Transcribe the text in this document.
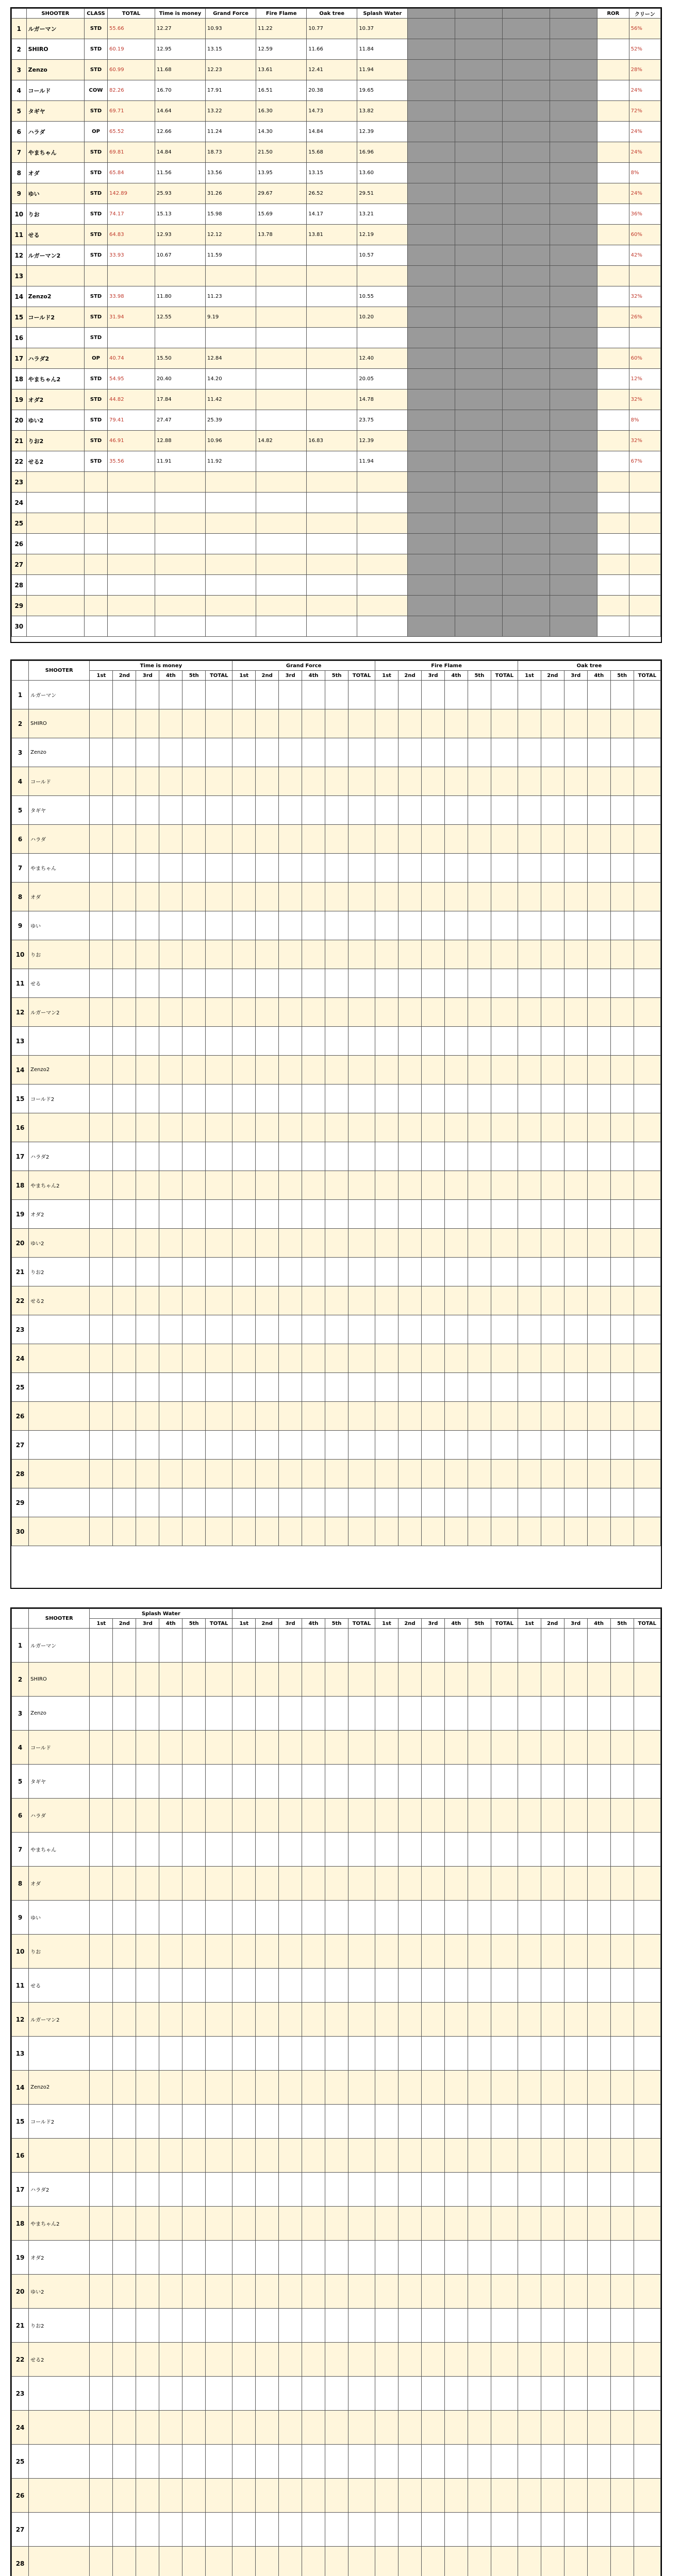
	SHOOTER	CLASS	TOTAL	Time is money	Grand Force	Fire Flame	Oak tree	Splash Water					ROR	クリーン
1	ルガーマン	STD	55.66	12.27	10.93	11.22	10.77	10.37						56%
2	SHIRO	STD	60.19	12.95	13.15	12.59	11.66	11.84						52%
3	Zenzo	STD	60.99	11.68	12.23	13.61	12.41	11.94						28%
4	コールド	COW	82.26	16.70	17.91	16.51	20.38	19.65						24%
5	タギヤ	STD	69.71	14.64	13.22	16.30	14.73	13.82						72%
6	ハラダ	OP	65.52	12.66	11.24	14.30	14.84	12.39						24%
7	やまちゃん	STD	69.81	14.84	18.73	21.50	15.68	16.96						24%
8	オダ	STD	65.84	11.56	13.56	13.95	13.15	13.60						8%
9	ゆい	STD	142.89	25.93	31.26	29.67	26.52	29.51						24%
10	りお	STD	74.17	15.13	15.98	15.69	14.17	13.21						36%
11	せる	STD	64.83	12.93	12.12	13.78	13.81	12.19						60%
12	ルガーマン2	STD	33.93	10.67	11.59			10.57						42%
13														
14	Zenzo2	STD	33.98	11.80	11.23			10.55						32%
15	コールド2	STD	31.94	12.55	9.19			10.20						26%
16		STD												
17	ハラダ2	OP	40.74	15.50	12.84			12.40						60%
18	やまちゃん2	STD	54.95	20.40	14.20			20.05						12%
19	オダ2	STD	44.82	17.84	11.42			14.78						32%
20	ゆい2	STD	79.41	27.47	25.39			23.75						8%
21	りお2	STD	46.91	12.88	10.96	14.82	16.83	12.39						32%
22	せる2	STD	35.56	11.91	11.92			11.94						67%
23														
24														
25														
26														
27														
28														
29														
30														
	SHOOTER	Time is money						Grand Force						Fire Flame						Oak tree					
		1st	2nd	3rd	4th	5th	TOTAL	1st	2nd	3rd	4th	5th	TOTAL	1st	2nd	3rd	4th	5th	TOTAL	1st	2nd	3rd	4th	5th	TOTAL
1	ルガーマン																								
2	SHIRO																								
3	Zenzo																								
4	コールド																								
5	タギヤ																								
6	ハラダ																								
7	やまちゃん																								
8	オダ																								
9	ゆい																								
10	りお																								
11	せる																								
12	ルガーマン2																								
13																									
14	Zenzo2																								
15	コールド2																								
16																									
17	ハラダ2																								
18	やまちゃん2																								
19	オダ2																								
20	ゆい2																								
21	りお2																								
22	せる2																								
23																									
24																									
25																									
26																									
27																									
28																									
29																									
30																									
	SHOOTER	Splash Water																							
		1st	2nd	3rd	4th	5th	TOTAL	1st	2nd	3rd	4th	5th	TOTAL	1st	2nd	3rd	4th	5th	TOTAL	1st	2nd	3rd	4th	5th	TOTAL
1	ルガーマン																								
2	SHIRO																								
3	Zenzo																								
4	コールド																								
5	タギヤ																								
6	ハラダ																								
7	やまちゃん																								
8	オダ																								
9	ゆい																								
10	りお																								
11	せる																								
12	ルガーマン2																								
13																									
14	Zenzo2																								
15	コールド2																								
16																									
17	ハラダ2																								
18	やまちゃん2																								
19	オダ2																								
20	ゆい2																								
21	りお2																								
22	せる2																								
23																									
24																									
25																									
26																									
27																									
28																									
